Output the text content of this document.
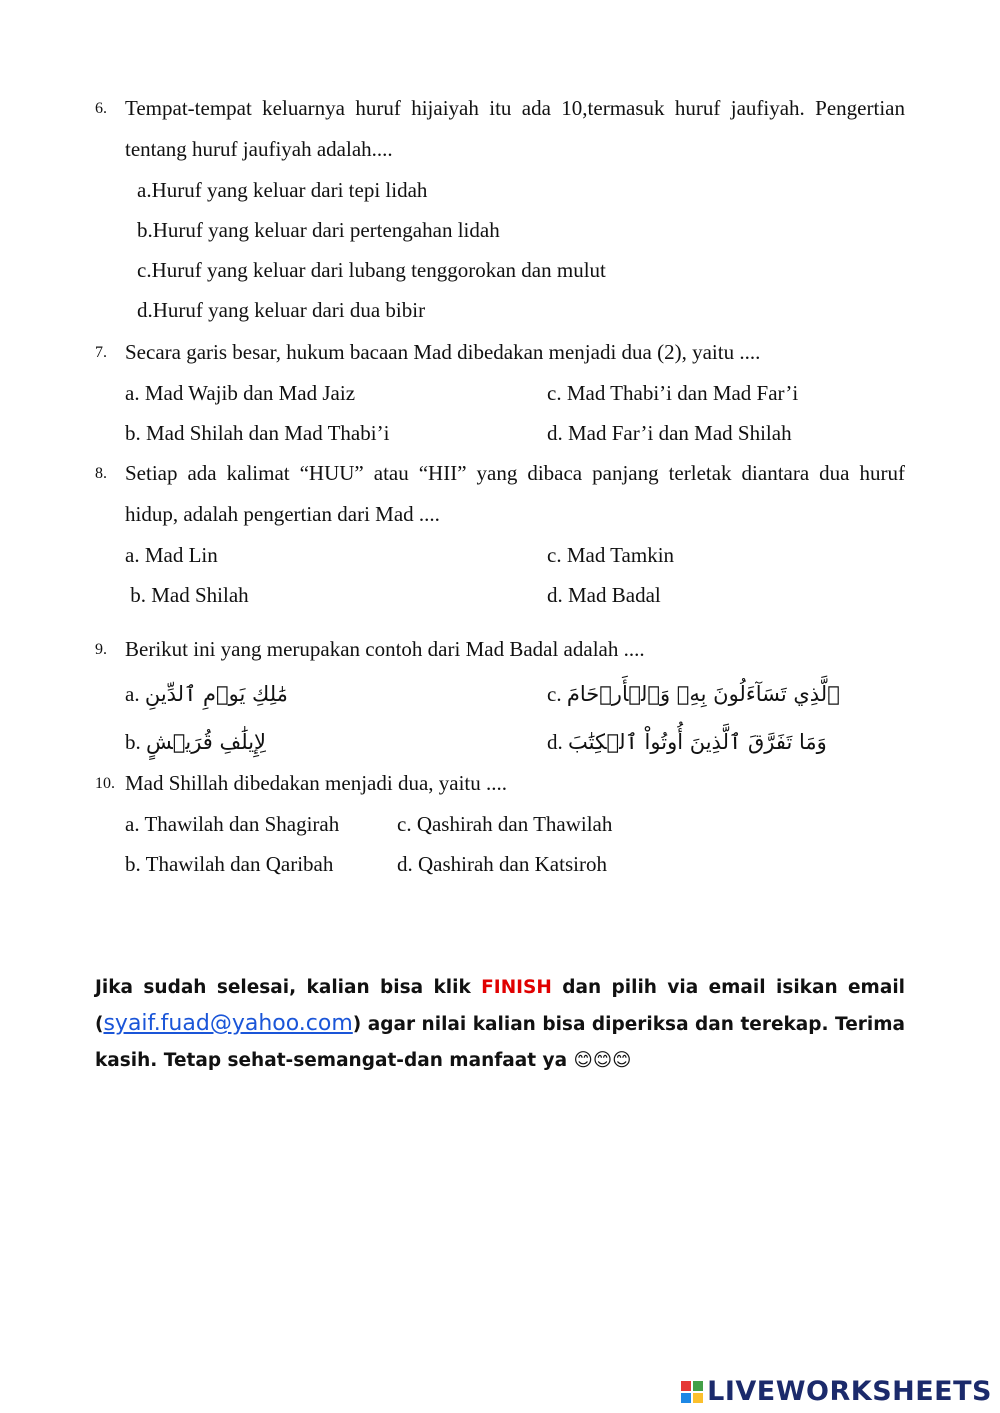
6. Tempat-tempat keluarnya huruf hijaiyah itu ada 10,termasuk huruf jaufiyah. Pengertian tentang huruf jaufiyah adalah....
a.Huruf yang keluar dari tepi lidah
b.Huruf yang keluar dari pertengahan lidah
c.Huruf yang keluar dari lubang tenggorokan dan mulut
d.Huruf yang keluar dari dua bibir
7. Secara garis besar, hukum bacaan Mad dibedakan menjadi dua (2), yaitu ....
a. Mad Wajib dan Mad Jaiz	c. Mad Thabi’i dan Mad Far’i
b. Mad Shilah dan Mad Thabi’i	d. Mad Far’i dan Mad Shilah
8. Setiap ada kalimat “HUU” atau “HII” yang dibaca panjang terletak diantara dua huruf hidup, adalah pengertian dari Mad ....
a. Mad Lin	c. Mad Tamkin
b. Mad Shilah	d. Mad Badal
9. Berikut ini yang merupakan contoh dari Mad Badal adalah ....
a. مَٰلِكِ يَوۡمِ ٱلدِّينِ	c. ٱلَّذِي تَسَآءَلُونَ بِهِۦ وَٱلۡأَرۡحَامَ
b. لِإِيلَٰفِ قُرَيۡشٍ	d. وَمَا تَفَرَّقَ ٱلَّذِينَ أُوتُواْ ٱلۡكِتَٰبَ
10. Mad Shillah dibedakan menjadi dua, yaitu ....
a. Thawilah dan Shagirah	c. Qashirah dan Thawilah
b. Thawilah dan Qaribah	d. Qashirah dan Katsiroh
Jika sudah selesai, kalian bisa klik FINISH dan pilih via email isikan email (syaif.fuad@yahoo.com) agar nilai kalian bisa diperiksa dan terekap. Terima kasih. Tetap sehat-semangat-dan manfaat ya 😊😊😊
LIVEWORKSHEETS
